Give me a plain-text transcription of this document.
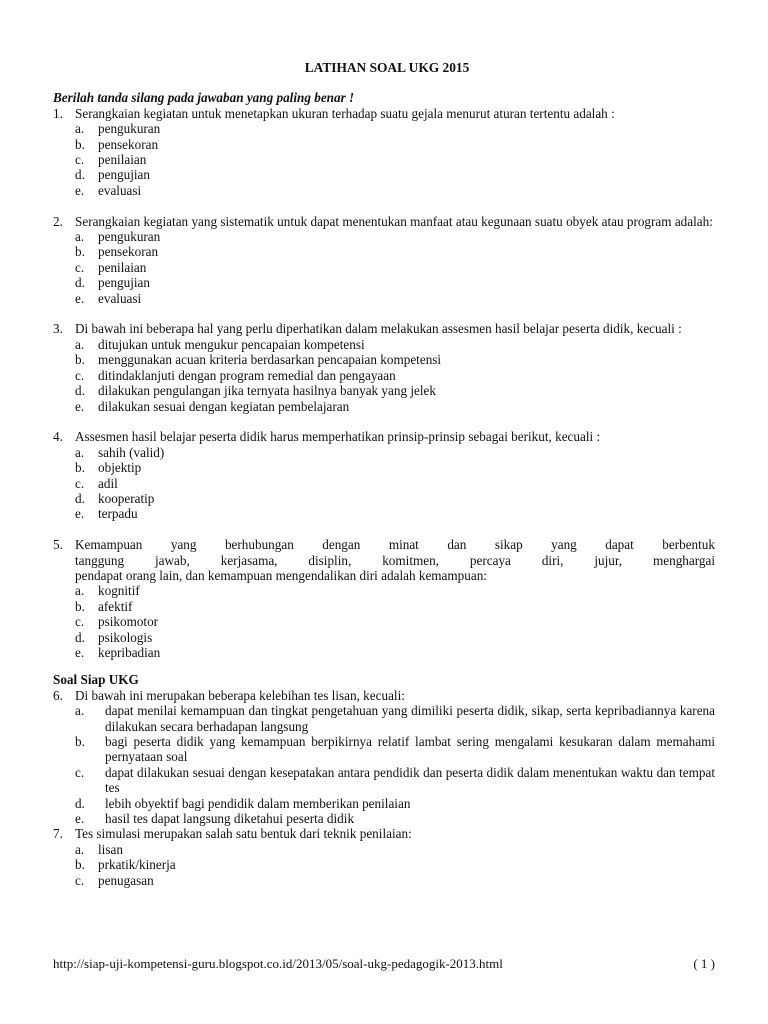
LATIHAN SOAL UKG 2015
Berilah tanda silang pada jawaban yang paling benar !
1. Serangkaian kegiatan untuk menetapkan ukuran terhadap suatu gejala menurut aturan tertentu adalah :
a.	pengukuran
b. pensekoran
c.	penilaian
d. pengujian
e.	evaluasi
2. Serangkaian kegiatan yang sistematik untuk dapat menentukan manfaat atau kegunaan suatu obyek atau program adalah:
a.	pengukuran
b. pensekoran
c.	penilaian
d. pengujian
e.	evaluasi
3. Di bawah ini beberapa hal yang perlu diperhatikan dalam melakukan assesmen hasil belajar peserta didik, kecuali :
a.	ditujukan untuk mengukur pencapaian kompetensi
b. menggunakan acuan kriteria berdasarkan pencapaian kompetensi
c.	ditindaklanjuti dengan program remedial dan pengayaan
d. dilakukan pengulangan jika ternyata hasilnya banyak yang jelek
e.	dilakukan sesuai dengan kegiatan pembelajaran
4. Assesmen hasil belajar peserta didik harus memperhatikan prinsip-prinsip sebagai berikut, kecuali :
a.	sahih (valid)
b. objektip
c.	adil
d. kooperatip
e.	terpadu
5. Kemampuan yang berhubungan dengan minat dan sikap yang dapat berbentuk
tanggung jawab, kerjasama, disiplin, komitmen, percaya diri, jujur, menghargai
pendapat orang lain, dan kemampuan mengendalikan diri adalah kemampuan:
a.	kognitif
b. afektif
c.	psikomotor
d. psikologis
e.	kepribadian
Soal Siap UKG
6. Di bawah ini merupakan beberapa kelebihan tes lisan, kecuali:
a.	dapat menilai kemampuan dan tingkat pengetahuan yang dimiliki peserta didik, sikap, serta kepribadiannya karena dilakukan secara berhadapan langsung
b.	bagi peserta didik yang kemampuan berpikirnya relatif lambat sering mengalami kesukaran dalam memahami pernyataan soal
c.	dapat dilakukan sesuai dengan kesepatakan antara pendidik dan peserta didik dalam menentukan waktu dan tempat tes
d.	lebih obyektif bagi pendidik dalam memberikan penilaian
e.	hasil tes dapat langsung diketahui peserta didik
7. Tes simulasi merupakan salah satu bentuk dari teknik penilaian:
a.	lisan
b. prkatik/kinerja
c.	penugasan
http://siap-uji-kompetensi-guru.blogspot.co.id/2013/05/soal-ukg-pedagogik-2013.html	( 1 )
